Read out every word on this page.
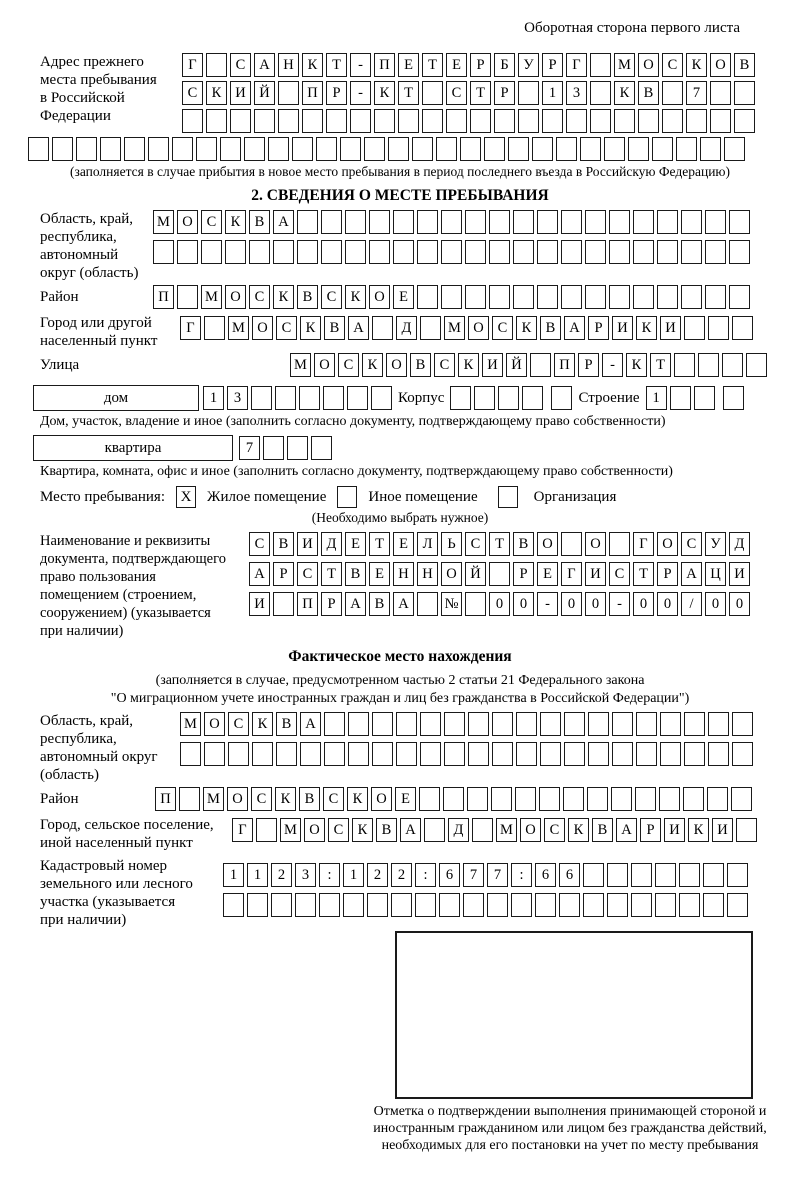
Оборотная сторона первого листа
Адрес прежнего
места пребывания
в Российской
Федерации
Г	С А Н К	Т	-	П Е	Т	Е	Р	Б	У	Р	Г	М О С К О В
С К И Й	П	Р	-	К	Т	С	Т	Р	1	3	К В	7
(заполняется в случае прибытия в новое место пребывания в период последнего въезда в Российскую Федерацию)
2. СВЕДЕНИЯ О МЕСТЕ ПРЕБЫВАНИЯ
Область, край,
республика,
автономный
округ (область)
М О С К В А
Район	П	М О С К В С К О Е
Город или другой
населенный пункт
Г	М О С К В А	Д	М О С К В А	Р	И К И
Улица	М О С К О В С К И Й	П	Р	-	К	Т
дом	1	3	Корпус	Строение 1
Дом, участок, владение и иное (заполнить согласно документу, подтверждающему право собственности)
квартира	7
Квартира, комната, офис и иное (заполнить согласно документу, подтверждающему право собственности)
Место пребывания:	X	Жилое помещение	Иное помещение	Организация
(Необходимо выбрать нужное)
Наименование и реквизиты
документа, подтверждающего
право пользования
помещением (строением,
сооружением) (указывается
при наличии)
С В И Д	Е	Т	Е	Л	Ь	С	Т	В О	О	Г	О С У Д
А	Р	С	Т	В	Е Н Н О Й	Р	Е	Г	И С	Т	Р	А Ц И
И	П	Р	А В А	№	0	0	-	0	0	-	0	0	/	0	0
Фактическое место нахождения
(заполняется в случае, предусмотренном частью 2 статьи 21 Федерального закона
"О миграционном учете иностранных граждан и лиц без гражданства в Российской Федерации")
Область, край,
республика,
автономный округ
(область)
М О С К В А
Район	П	М О С К В С К О Е
Город, сельское поселение,
иной населенный пункт
Г	М О С К В А	Д	М О С К В А	Р	И К И
Кадастровый номер
земельного или лесного
участка (указывается
при наличии)
1	1	2	3	:	1	2	2	:	6	7	7	:	6	6
Отметка о подтверждении выполнения принимающей стороной и иностранным гражданином или лицом без гражданства действий, необходимых для его постановки на учет по месту пребывания
